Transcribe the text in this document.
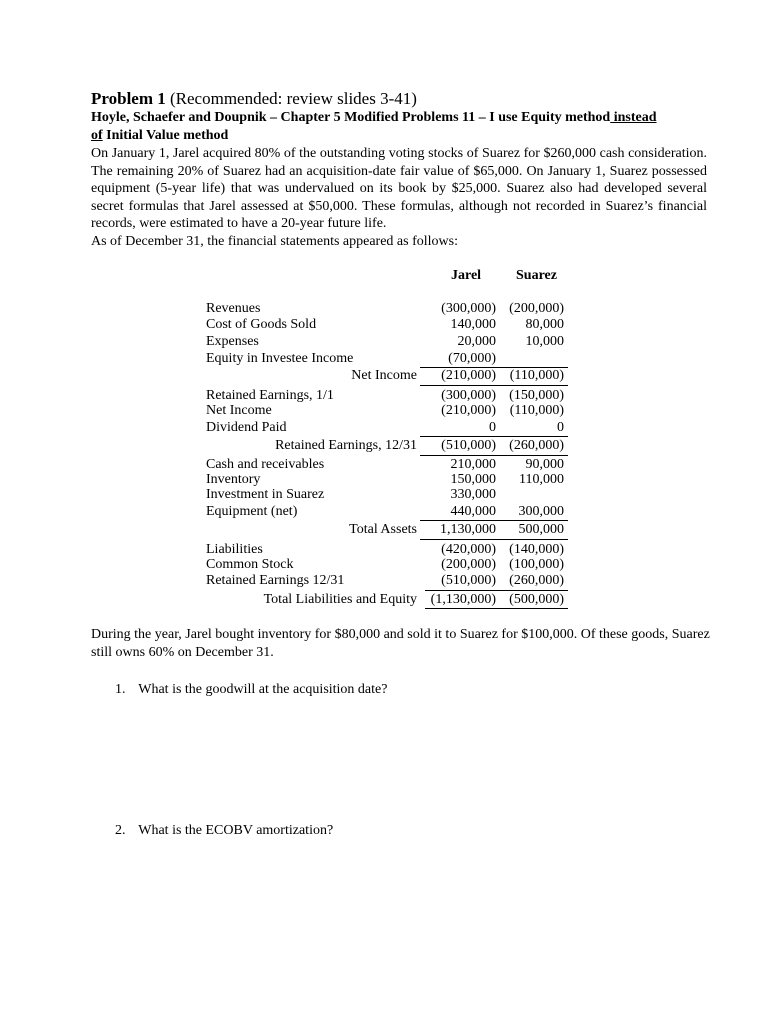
Problem 1 (Recommended: review slides 3-41)
Hoyle, Schaefer and Doupnik – Chapter 5 Modified Problems 11 – I use Equity method instead
of Initial Value method
On January 1, Jarel acquired 80% of the outstanding voting stocks of Suarez for $260,000 cash consideration. The remaining 20% of Suarez had an acquisition-date fair value of $65,000. On January 1, Suarez possessed equipment (5-year life) that was undervalued on its book by $25,000. Suarez also had developed several secret formulas that Jarel assessed at $50,000. These formulas, although not recorded in Suarez’s financial records, were estimated to have a 20-year future life.
As of December 31, the financial statements appeared as follows:
Jarel Suarez
Revenues	(300,000) (200,000)
Cost of Goods Sold	140,000 80,000
Expenses	20,000 10,000
Equity in Investee Income	(70,000)
Net Income (210,000) (110,000)
Retained Earnings, 1/1	(300,000) (150,000)
Net Income	(210,000) (110,000)
Dividend Paid	0	0
Retained Earnings, 12/31 (510,000) (260,000)
Cash and receivables	210,000 90,000
Inventory	150,000 110,000
Investment in Suarez	330,000
Equipment (net)	440,000 300,000
Total Assets 1,130,000 500,000
Liabilities	(420,000) (140,000)
Common Stock	(200,000) (100,000)
Retained Earnings 12/31	(510,000) (260,000)
Total Liabilities and Equity (1,130,000) (500,000)
During the year, Jarel bought inventory for $80,000 and sold it to Suarez for $100,000. Of these goods, Suarez still owns 60% on December 31.
1. What is the goodwill at the acquisition date?
2. What is the ECOBV amortization?
